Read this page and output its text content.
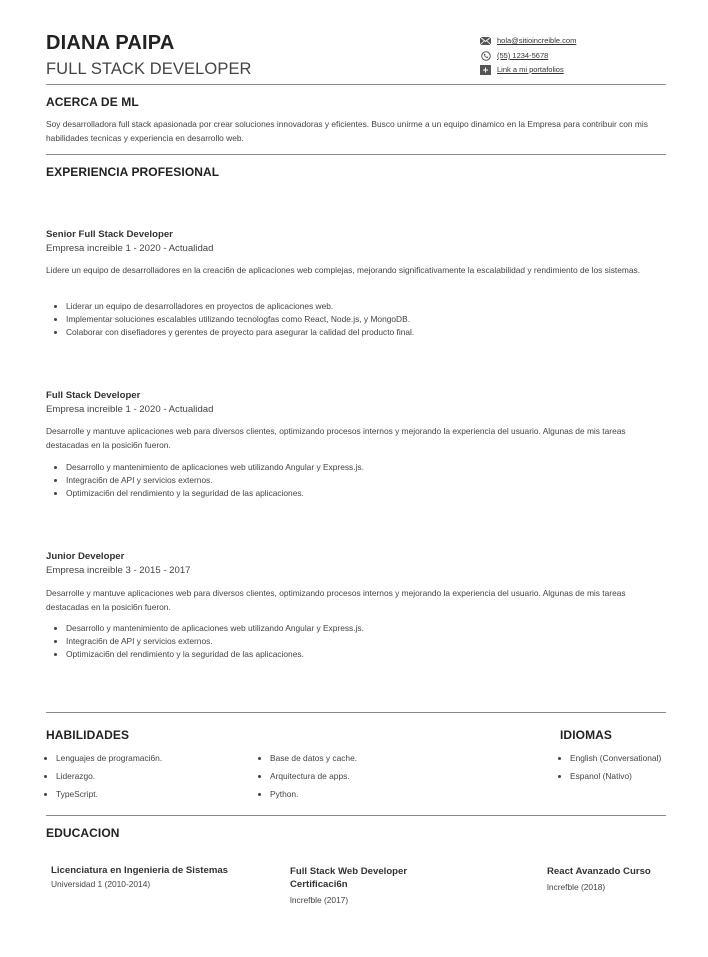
DIANA PAIPA
FULL STACK DEVELOPER
hola@sitioincreible.com
(55) 1234-5678
Link a mi portafolios
ACERCA DE ML
Soy desarrolladora full stack apasionada por crear soluciones innovadoras y eficientes. Busco unirme a un equipo dinamico en la Empresa para contribuir con mis habilidades tecnicas y experiencia en desarrollo web.
EXPERIENCIA PROFESIONAL
Senior Full Stack Developer
Empresa increible 1 - 2020 - Actualidad
Lidere un equipo de desarrolladores en la creaci6n de aplicaciones web complejas, mejorando significativamente la escalabilidad y rendimiento de los sistemas.
• Liderar un equipo de desarrolladores en proyectos de aplicaciones web.
• Implementar soluciones escalables utilizando tecnologfas como React, Node.js, y MongoDB.
• Colaborar con disefiadores y gerentes de proyecto para asegurar la calidad del producto final.
Full Stack Developer
Empresa increible 1 - 2020 - Actualidad
Desarrolle y mantuve aplicaciones web para diversos clientes, optimizando procesos internos y mejorando la experiencia del usuario. Algunas de mis tareas destacadas en la posici6n fueron.
• Desarrollo y mantenimiento de aplicaciones web utilizando Angular y Express.js.
• Integraci6n de API y servicios externos.
• Optimizaci6n del rendimiento y la seguridad de las aplicaciones.
Junior Developer
Empresa increible 3 - 2015 - 2017
Desarrolle y mantuve aplicaciones web para diversos clientes, optimizando procesos internos y mejorando la experiencia del usuario. Algunas de mis tareas destacadas en la posici6n fueron.
• Desarrollo y mantenimiento de aplicaciones web utilizando Angular y Express.js.
• Integraci6n de API y servicios externos.
• Optimizaci6n del rendimiento y la seguridad de las aplicaciones.
HABILIDADES
• Lenguajes de programaci6n.
• Liderazgo.
• TypeScript.
• Base de datos y cache.
• Arquitectura de apps.
• Python.
IDIOMAS
• English (Conversational)
• Espanol (Nativo)
EDUCACION
Licenciatura en Ingenieria de Sistemas
Universidad 1 (2010-2014)
Full Stack Web Developer Certificaci6n
lncrefble (2017)
React Avanzado Curso
lncrefble (2018)
